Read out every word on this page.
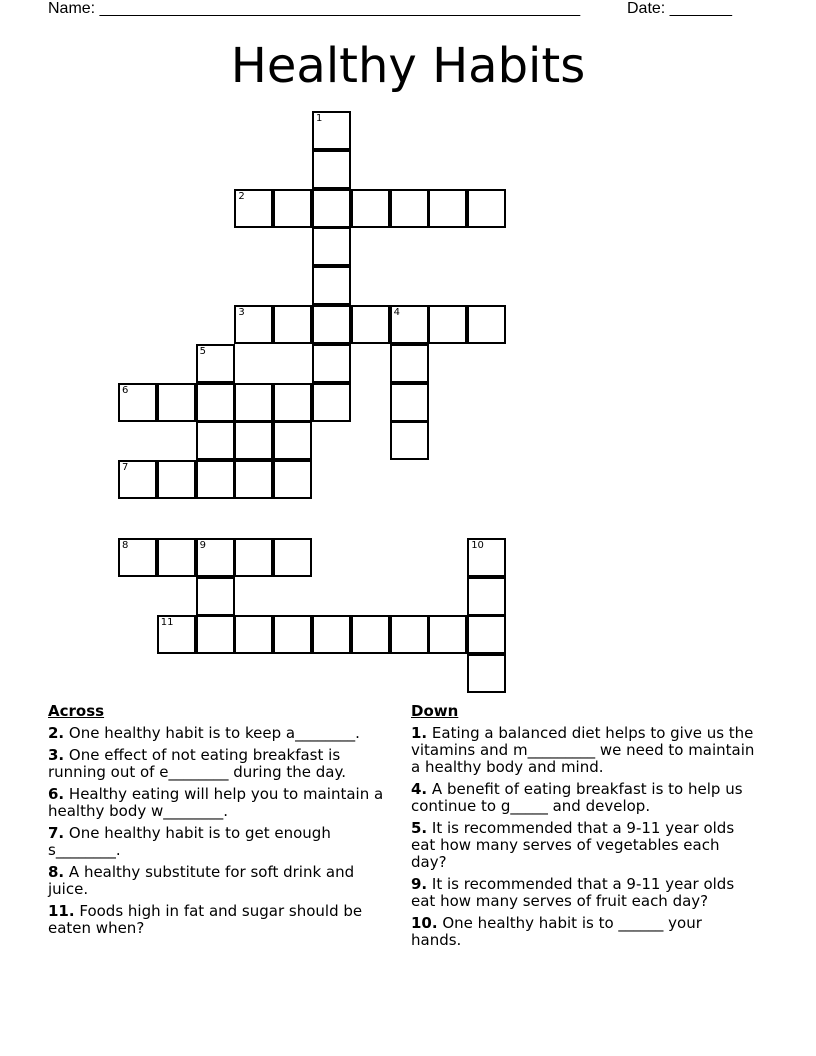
Name: ______________________________________________________	Date: _______
Healthy Habits
1
2
3	4
5
6
7
8	9
11
10
Across
2. One healthy habit is to keep a________.
3. One effect of not eating breakfast is running out of e________ during the day.
6. Healthy eating will help you to maintain a healthy body w________.
7. One healthy habit is to get enough s________.
8. A healthy substitute for soft drink and juice.
11. Foods high in fat and sugar should be eaten when?
Down
1. Eating a balanced diet helps to give us the vitamins and m_________ we need to maintain a healthy body and mind.
4. A benefit of eating breakfast is to help us continue to g_____ and develop.
5. It is recommended that a 9-11 year olds eat how many serves of vegetables each day?
9. It is recommended that a 9-11 year olds eat how many serves of fruit each day?
10. One healthy habit is to ______ your hands.
